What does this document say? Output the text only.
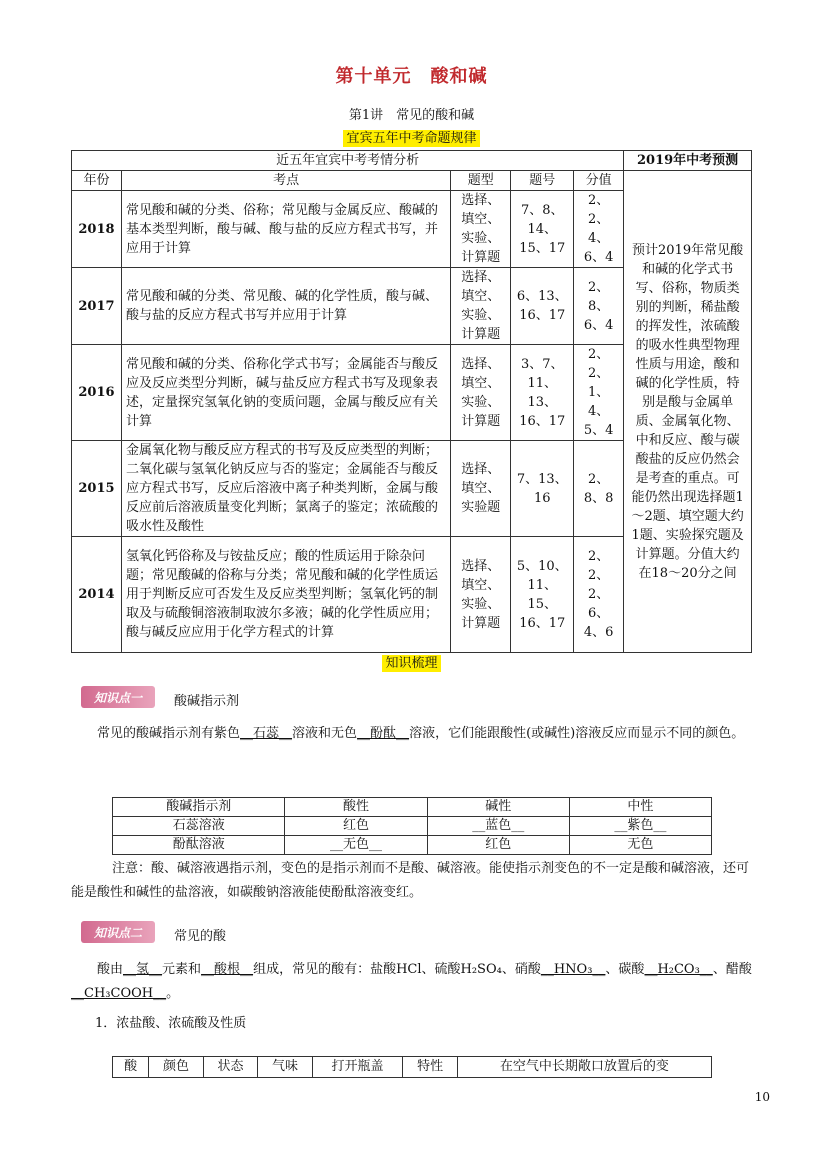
第十单元　酸和碱
第1讲　常见的酸和碱
宜宾五年中考命题规律
近五年宜宾中考考情分析					2019年中考预测
年份	考点	题型	题号	分值	预计2019年常见酸和碱的化学式书写、俗称，物质类别的判断，稀盐酸的挥发性，浓硫酸的吸水性典型物理性质与用途，酸和碱的化学性质，特别是酸与金属单质、金属氧化物、中和反应、酸与碳酸盐的反应仍然会是考查的重点。可能仍然出现选择题1～2题、填空题大约1题、实验探究题及计算题。分值大约在18～20分之间
2018	常见酸和碱的分类、俗称；常见酸与金属反应、酸碱的基本类型判断，酸与碱、酸与盐的反应方程式书写，并应用于计算	选择、填空、实验、计算题	7、8、14、15、17	2、2、4、6、4	
2017	常见酸和碱的分类、常见酸、碱的化学性质，酸与碱、酸与盐的反应方程式书写并应用于计算	选择、填空、实验、计算题	6、13、16、17	2、8、6、4	
2016	常见酸和碱的分类、俗称化学式书写；金属能否与酸反应及反应类型分判断，碱与盐反应方程式书写及现象表述，定量探究氢氧化钠的变质问题，金属与酸反应有关计算	选择、填空、实验、计算题	3、7、11、13、16、17	2、2、1、4、5、4	
2015	金属氧化物与酸反应方程式的书写及反应类型的判断；二氧化碳与氢氧化钠反应与否的鉴定；金属能否与酸反应方程式书写，反应后溶液中离子种类判断，金属与酸反应前后溶液质量变化判断；氯离子的鉴定；浓硫酸的吸水性及酸性	选择、填空、实验题	7、13、16	2、8、8	
2014	氢氧化钙俗称及与铵盐反应；酸的性质运用于除杂问题；常见酸碱的俗称与分类；常见酸和碱的化学性质运用于判断反应可否发生及反应类型判断；氢氧化钙的制取及与硫酸铜溶液制取波尔多液；碱的化学性质应用；酸与碱反应应用于化学方程式的计算	选择、填空、实验、计算题	5、10、11、15、16、17	2、2、2、6、4、6	
知识梳理
知识点一	酸碱指示剂
常见的酸碱指示剂有紫色__石蕊__溶液和无色__酚酞__溶液，它们能跟酸性(或碱性)溶液反应而显示不同的颜色。
酸碱指示剂	酸性	碱性	中性
石蕊溶液	红色	__蓝色__	__紫色__
酚酞溶液	__无色__	红色	无色
注意：酸、碱溶液遇指示剂，变色的是指示剂而不是酸、碱溶液。能使指示剂变色的不一定是酸和碱溶液，还可能是酸性和碱性的盐溶液，如碳酸钠溶液能使酚酞溶液变红。
知识点二	常见的酸
酸由__氢__元素和__酸根__组成，常见的酸有：盐酸HCl、硫酸H₂SO₄、硝酸__HNO₃__、碳酸__H₂CO₃__、醋酸__CH₃COOH__。
1．浓盐酸、浓硫酸及性质
酸	颜色	状态	气味	打开瓶盖	特性	在空气中长期敞口放置后的变
10
